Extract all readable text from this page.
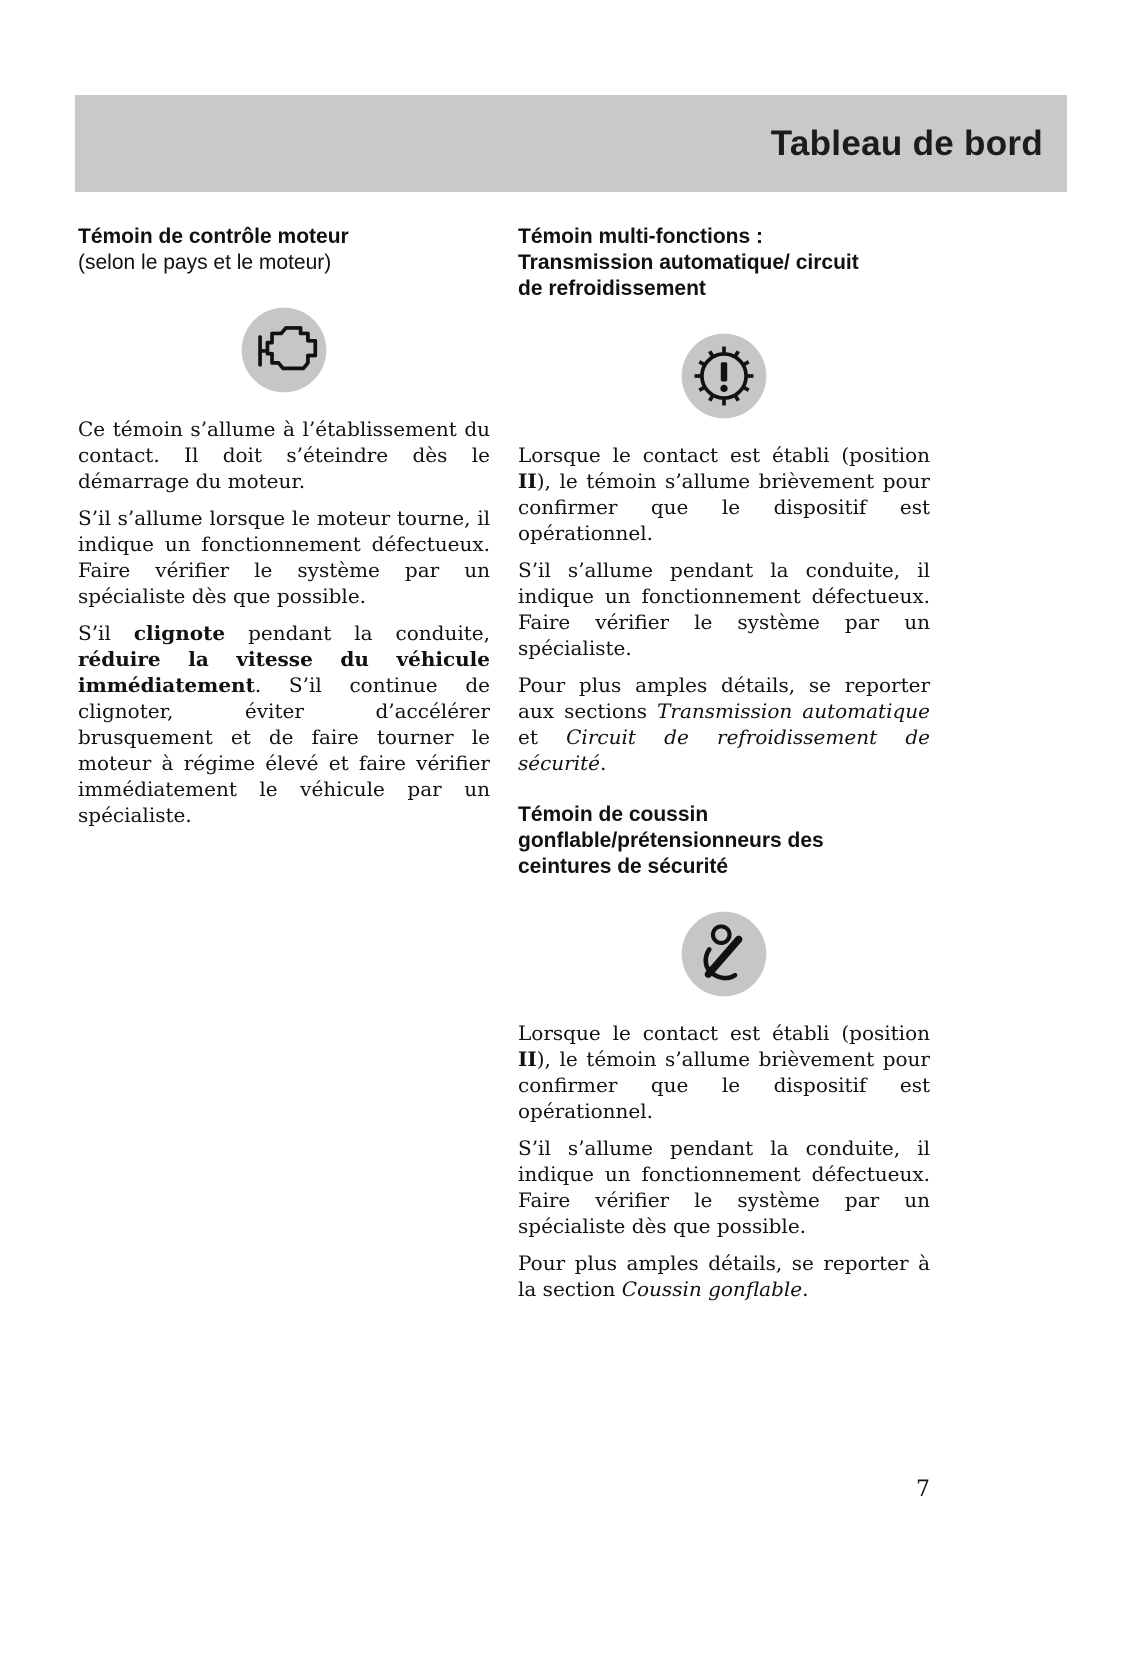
Tableau de bord
Témoin de contrôle moteur
(selon le pays et le moteur)

Ce témoin s’allume à l’établissement du contact. Il doit s’éteindre dès le démarrage du moteur.

S’il s’allume lorsque le moteur tourne, il indique un fonctionnement défectueux. Faire vérifier le système par un spécialiste dès que possible.

S’il clignote pendant la conduite, réduire la vitesse du véhicule immédiatement. S’il continue de clignoter, éviter d’accélérer brusquement et de faire tourner le moteur à régime élevé et faire vérifier immédiatement le véhicule par un spécialiste.

Témoin multi-fonctions :
Transmission automatique/ circuit
de refroidissement

Lorsque le contact est établi (position II), le témoin s’allume brièvement pour confirmer que le dispositif est opérationnel.

S’il s’allume pendant la conduite, il indique un fonctionnement défectueux. Faire vérifier le système par un spécialiste.

Pour plus amples détails, se reporter aux sections Transmission automatique et Circuit de refroidissement de sécurité.

Témoin de coussin
gonflable/prétensionneurs des
ceintures de sécurité

Lorsque le contact est établi (position II), le témoin s’allume brièvement pour confirmer que le dispositif est opérationnel.

S’il s’allume pendant la conduite, il indique un fonctionnement défectueux. Faire vérifier le système par un spécialiste dès que possible.

Pour plus amples détails, se reporter à la section Coussin gonflable.

7
